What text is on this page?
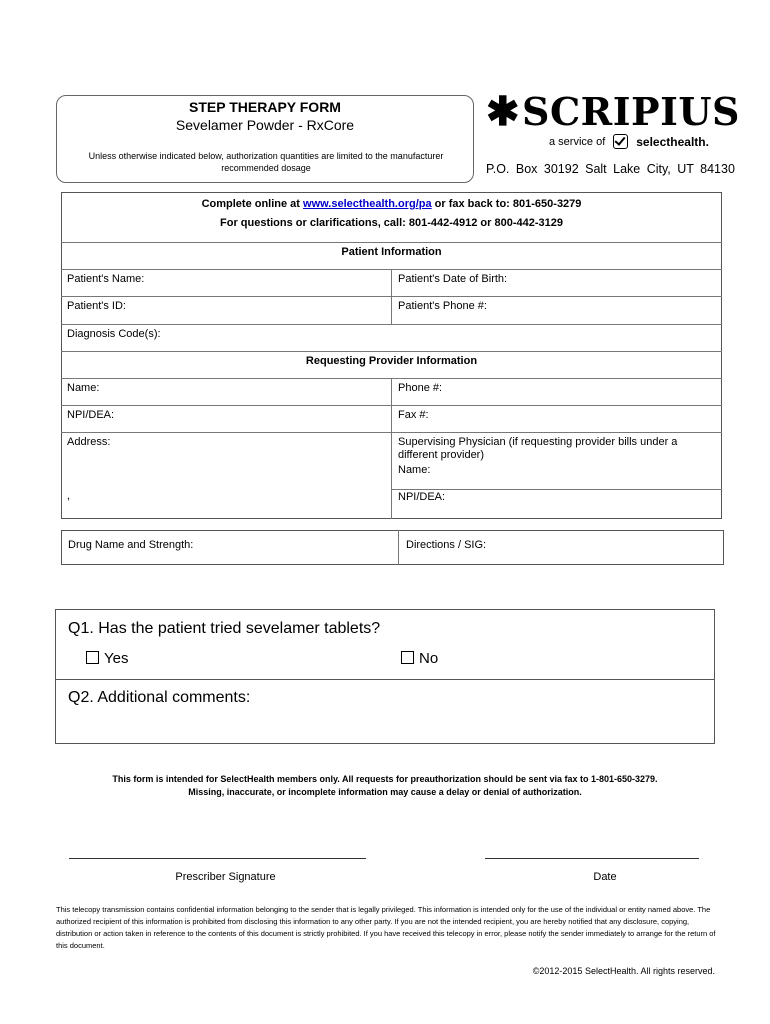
STEP THERAPY FORM
Sevelamer Powder - RxCore
Unless otherwise indicated below, authorization quantities are limited to the manufacturer recommended dosage
✱ SCRIPIUS
a service of	selecthealth.
P.O. Box 30192 Salt Lake City, UT 84130
Complete online at www.selecthealth.org/pa or fax back to: 801-650-3279
For questions or clarifications, call: 801-442-4912 or 800-442-3129
Patient Information
Patient's Name:	Patient's Date of Birth:
Patient's ID:	Patient's Phone #:
Diagnosis Code(s):
Requesting Provider Information
Name:	Phone #:
NPI/DEA:	Fax #:
Address:	Supervising Physician (if requesting provider bills under a different provider)
Name:
,	NPI/DEA:
Drug Name and Strength:	Directions / SIG:
Q1. Has the patient tried sevelamer tablets?
Yes	No
Q2. Additional comments:
This form is intended for SelectHealth members only. All requests for preauthorization should be sent via fax to 1-801-650-3279.
Missing, inaccurate, or incomplete information may cause a delay or denial of authorization.
Prescriber Signature	Date
This telecopy transmission contains confidential information belonging to the sender that is legally privileged. This information is intended only for the use of the individual or entity named above. The authorized recipient of this information is prohibited from disclosing this information to any other party. If you are not the intended recipient, you are hereby notified that any disclosure, copying, distribution or action taken in reference to the contents of this document is strictly prohibited. If you have received this telecopy in error, please notify the sender immediately to arrange for the return of this document.
©2012-2015 SelectHealth. All rights reserved.
